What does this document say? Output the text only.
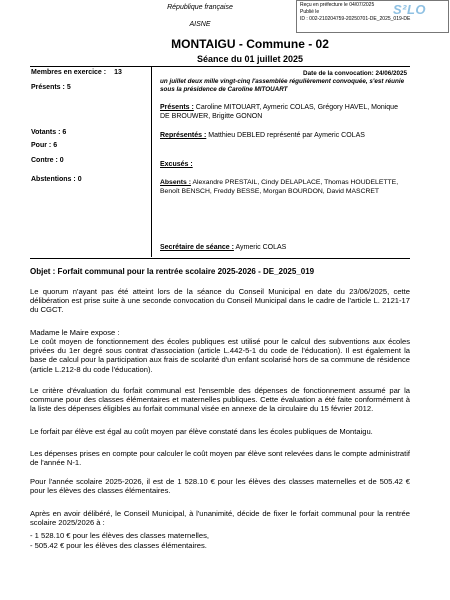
République française
AISNE
Reçu en préfecture le 04/07/2025
Publié le
ID : 002-210204759-20250701-DE_2025_019-DE
S²LO
MONTAIGU - Commune - 02
Séance du 01 juillet 2025
Membres en exercice : 13
Présents : 5
Votants : 6
Pour : 6
Contre : 0
Abstentions : 0
Date de la convocation: 24/06/2025
un juillet deux mille vingt-cinq l'assemblée régulièrement convoquée, s'est réunie sous la présidence de Caroline MITOUART
Présents : Caroline MITOUART, Aymeric COLAS, Grégory HAVEL, Monique DE BROUWER, Brigitte GONON
Représentés : Matthieu DEBLED représenté par Aymeric COLAS
Excusés :
Absents : Alexandre PRESTAIL, Cindy DELAPLACE, Thomas HOUDELETTE, Benoît BENSCH, Freddy BESSE, Morgan BOURDON, David MASCRET
Secrétaire de séance : Aymeric COLAS
Objet : Forfait communal pour la rentrée scolaire 2025-2026 - DE_2025_019
Le quorum n'ayant pas été atteint lors de la séance du Conseil Municipal en date du 23/06/2025, cette délibération est prise suite à une seconde convocation du Conseil Municipal dans le cadre de l'article L. 2121-17 du CGCT.
Madame le Maire expose :
Le coût moyen de fonctionnement des écoles publiques est utilisé pour le calcul des subventions aux écoles privées du 1er degré sous contrat d'association (article L.442-5-1 du code de l'éducation). Il est également la base de calcul pour la participation aux frais de scolarité d'un enfant scolarisé hors de sa commune de résidence (article L.212-8 du code l'éducation).
Le critère d'évaluation du forfait communal est l'ensemble des dépenses de fonctionnement assumé par la commune pour des classes élémentaires et maternelles publiques. Cette évaluation a été faite conformément à la liste des dépenses éligibles au forfait communal visée en annexe de la circulaire du 15 février 2012.
Le forfait par élève est égal au coût moyen par élève constaté dans les écoles publiques de Montaigu.
Les dépenses prises en compte pour calculer le coût moyen par élève sont relevées dans le compte administratif de l'année N-1.
Pour l'année scolaire 2025-2026, il est de 1 528.10 € pour les élèves des classes maternelles et de 505.42 € pour les élèves des classes élémentaires.
Après en avoir délibéré, le Conseil Municipal, à l'unanimité, décide de fixer le forfait communal pour la rentrée scolaire 2025/2026 à :
- 1 528.10 € pour les élèves des classes maternelles,
- 505.42 € pour les élèves des classes élémentaires.
